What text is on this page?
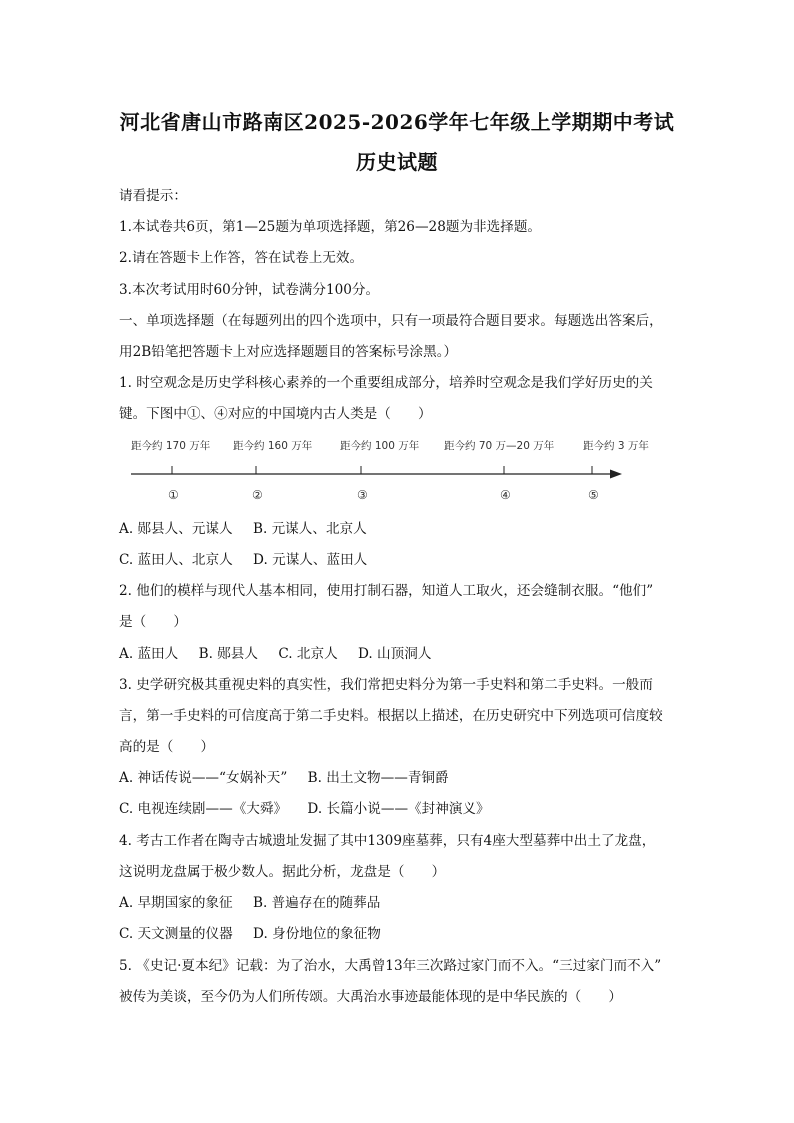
河北省唐山市路南区2025-2026学年七年级上学期期中考试
历史试题
请看提示：
1.本试卷共6页，第1—25题为单项选择题，第26—28题为非选择题。
2.请在答题卡上作答，答在试卷上无效。
3.本次考试用时60分钟，试卷满分100分。
一、单项选择题（在每题列出的四个选项中，只有一项最符合题目要求。每题选出答案后，
用2B铅笔把答题卡上对应选择题题目的答案标号涂黑。）
1. 时空观念是历史学科核心素养的一个重要组成部分，培养时空观念是我们学好历史的关
键。下图中①、④对应的中国境内古人类是（　　）
距今约 170 万年 距今约 160 万年	距今约 100 万年 距今约 70 万—20 万年	距今约 3 万年
①	②	③	④	⑤
A. 郧县人、元谋人 B. 元谋人、北京人
C. 蓝田人、北京人 D. 元谋人、蓝田人
2. 他们的模样与现代人基本相同，使用打制石器，知道人工取火，还会缝制衣服。“他们”
是（　　）
A. 蓝田人 B. 郧县人 C. 北京人 D. 山顶洞人
3. 史学研究极其重视史料的真实性，我们常把史料分为第一手史料和第二手史料。一般而
言，第一手史料的可信度高于第二手史料。根据以上描述，在历史研究中下列选项可信度较
高的是（　　）
A. 神话传说——“女娲补天” B. 出土文物——青铜爵
C. 电视连续剧——《大舜》 D. 长篇小说——《封神演义》
4. 考古工作者在陶寺古城遗址发掘了其中1309座墓葬，只有4座大型墓葬中出土了龙盘，
这说明龙盘属于极少数人。据此分析，龙盘是（　　）
A. 早期国家的象征 B. 普遍存在的随葬品
C. 天文测量的仪器 D. 身份地位的象征物
5. 《史记·夏本纪》记载：为了治水，大禹曾13年三次路过家门而不入。“三过家门而不入”
被传为美谈，至今仍为人们所传颂。大禹治水事迹最能体现的是中华民族的（　　）
